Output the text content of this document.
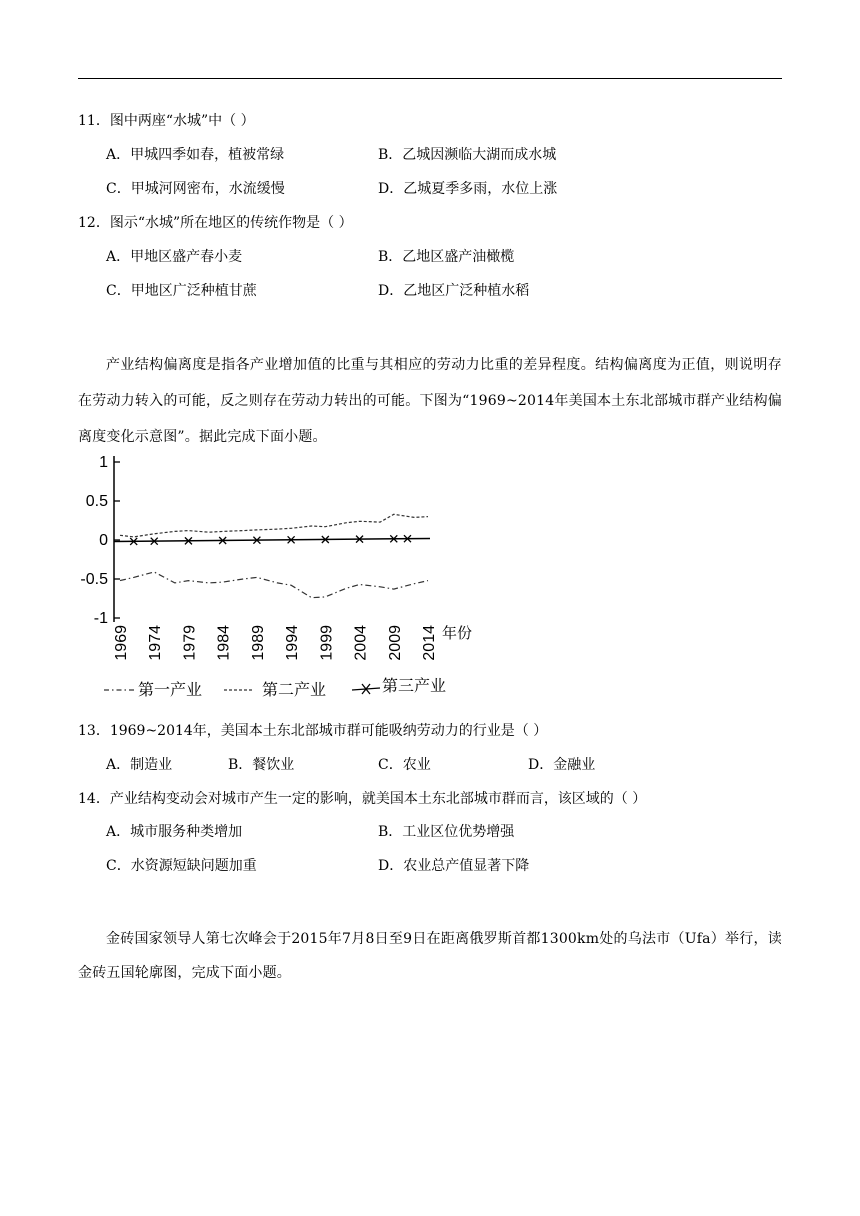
11．图中两座“水城”中（ ）
A．甲城四季如春，植被常绿	B．乙城因濒临大湖而成水城
C．甲城河网密布，水流缓慢	D．乙城夏季多雨，水位上涨
12．图示“水城”所在地区的传统作物是（ ）
A．甲地区盛产春小麦	B．乙地区盛产油橄榄
C．甲地区广泛种植甘蔗	D．乙地区广泛种植水稻
产业结构偏离度是指各产业增加值的比重与其相应的劳动力比重的差异程度。结构偏离度为正值，则说明存在劳动力转入的可能，反之则存在劳动力转出的可能。下图为“1969~2014年美国本土东北部城市群产业结构偏离度变化示意图”。据此完成下面小题。
1
0.5
0
-0.5
-1
1969 1974 1979 1984 1989 1994 1999 2004 2009 2014 年份
第一产业	第二产业	第三产业
13．1969~2014年，美国本土东北部城市群可能吸纳劳动力的行业是（ ）
A．制造业	B．餐饮业	C．农业	D．金融业
14．产业结构变动会对城市产生一定的影响，就美国本土东北部城市群而言，该区域的（ ）
A．城市服务种类增加	B．工业区位优势增强
C．水资源短缺问题加重	D．农业总产值显著下降
金砖国家领导人第七次峰会于2015年7月8日至9日在距离俄罗斯首都1300km处的乌法市（Ufa）举行，读金砖五国轮廓图，完成下面小题。
